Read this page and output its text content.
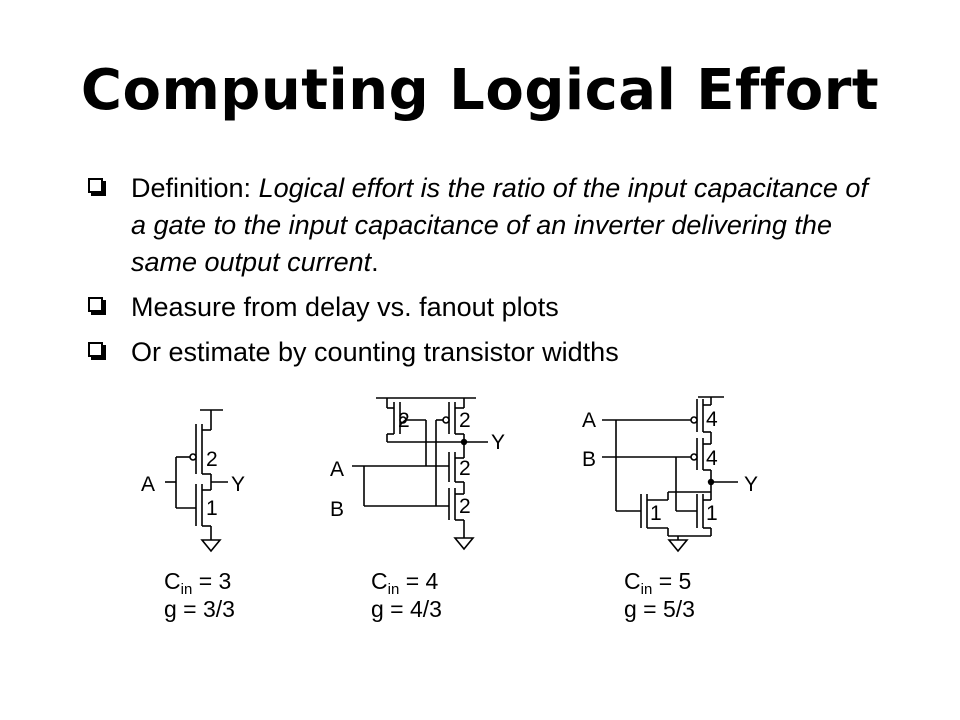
Computing Logical Effort
Definition: Logical effort is the ratio of the input capacitance of a gate to the input capacitance of an inverter delivering the same output current.
Measure from delay vs. fanout plots
Or estimate by counting transistor widths
A	Y
2
1
A
B
Y
2 2
2
2
A
B
Y
4
4
1 1
$C_{in} = 3$
g = 3/3
$C_{in} = 4$
g = 4/3
$C_{in} = 5$
g = 5/3
